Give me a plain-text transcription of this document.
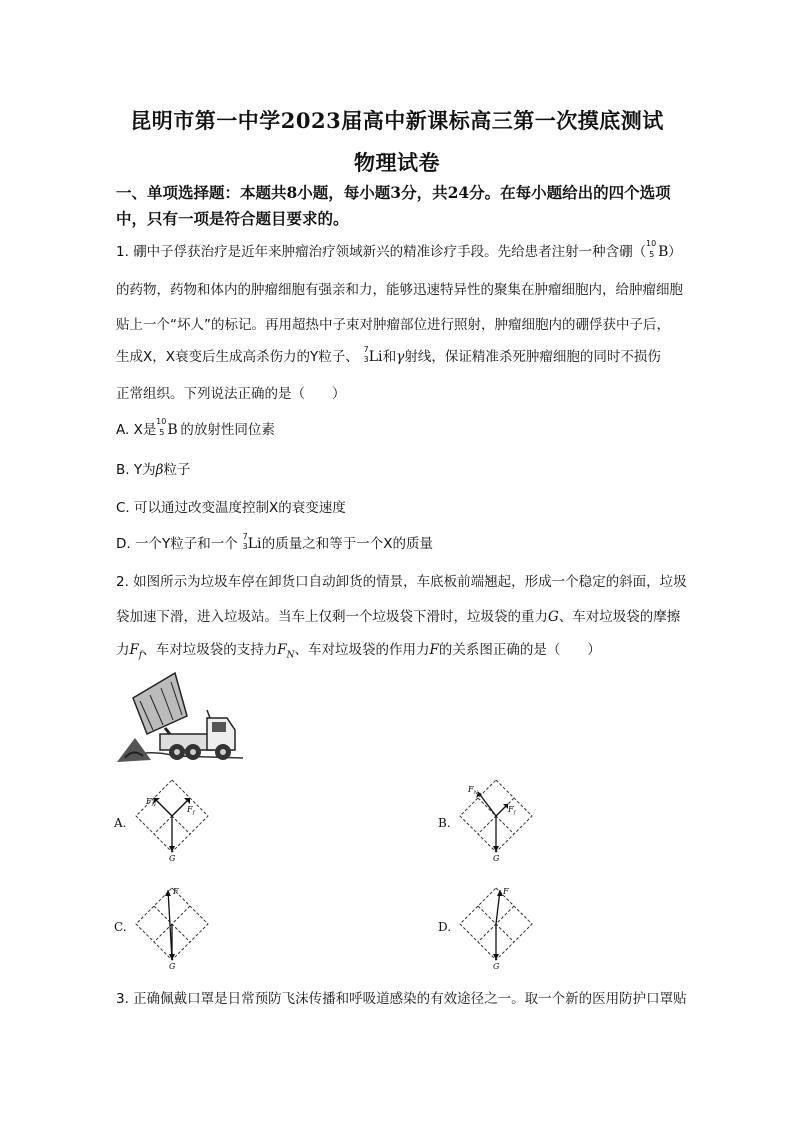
昆明市第一中学2023届高中新课标高三第一次摸底测试
物理试卷
一、单项选择题：本题共8小题，每小题3分，共24分。在每小题给出的四个选项
中，只有一项是符合题目要求的。
1. 硼中子俘获治疗是近年来肿瘤治疗领域新兴的精准诊疗手段。先给患者注射一种含硼（
10
5 B）
的药物，药物和体内的肿瘤细胞有强亲和力，能够迅速特异性的聚集在肿瘤细胞内，给肿瘤细胞
贴上一个“坏人”的标记。再用超热中子束对肿瘤部位进行照射，肿瘤细胞内的硼俘获中子后，
生成X，X衰变后生成高杀伤力的Y粒子、 7
3 Li和γ射线，保证精准杀死肿瘤细胞的同时不损伤
正常组织。下列说法正确的是（　　）
A. X是
10
5 B 的放射性同位素
B. Y为β粒子
C. 可以通过改变温度控制X的衰变速度
D. 一个Y粒子和一个 7
3 Li的质量之和等于一个X的质量
2. 如图所示为垃圾车停在卸货口自动卸货的情景，车底板前端翘起，形成一个稳定的斜面，垃圾
袋加速下滑，进入垃圾站。当车上仅剩一个垃圾袋下滑时，垃圾袋的重力G、车对垃圾袋的摩擦
力$F_f$、车对垃圾袋的支持力$F_N$、车对垃圾袋的作用力F的关系图正确的是（　　）
A.
$F_N$	$F_f$
G
B.
$F_N$
$F_f$
G
C.
F
G
D.
F
G
3. 正确佩戴口罩是日常预防飞沫传播和呼吸道感染的有效途径之一。取一个新的医用防护口罩贴
